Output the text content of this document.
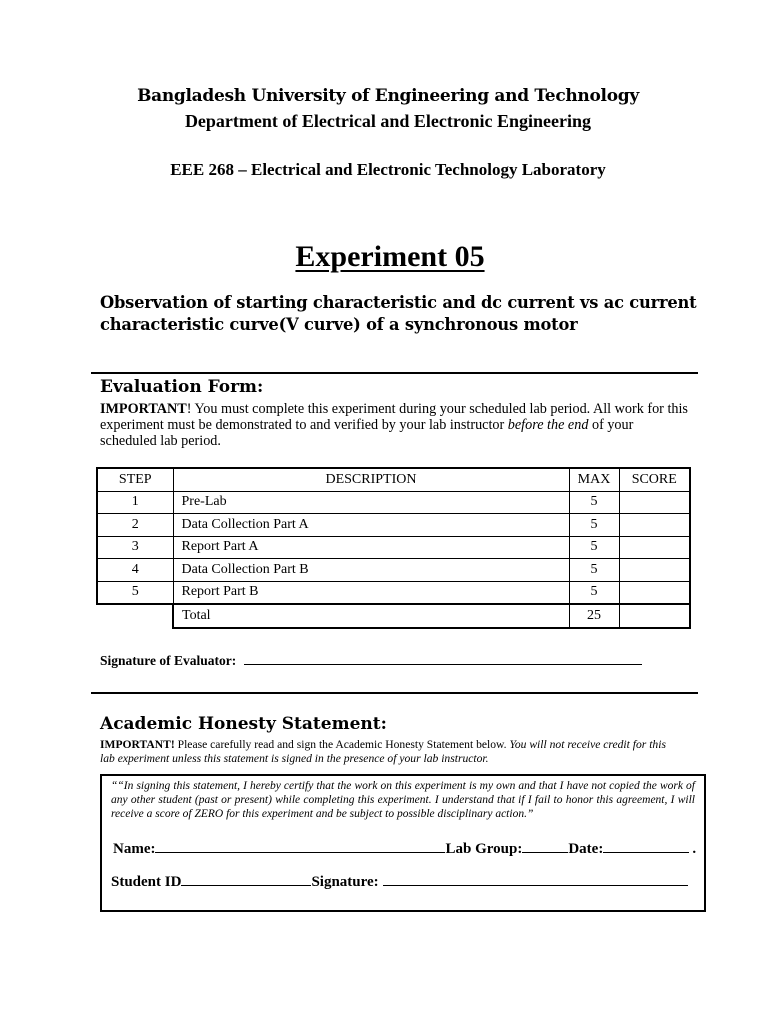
Bangladesh University of Engineering and Technology
Department of Electrical and Electronic Engineering
EEE 268 – Electrical and Electronic Technology Laboratory
Experiment 05
Observation of starting characteristic and dc current vs ac current
characteristic curve(V curve) of a synchronous motor
Evaluation Form:
IMPORTANT! You must complete this experiment during your scheduled lab period. All work for this experiment must be demonstrated to and verified by your lab instructor before the end of your scheduled lab period.
STEP	DESCRIPTION	MAX	SCORE
1	Pre-Lab	5	
2	Data Collection Part A	5	
3	Report Part A	5	
4	Data Collection Part B	5	
5	Report Part B	5	
	Total	25	
Signature of Evaluator:
Academic Honesty Statement:
IMPORTANT! Please carefully read and sign the Academic Honesty Statement below. You will not receive credit for this lab experiment unless this statement is signed in the presence of your lab instructor.
““In signing this statement, I hereby certify that the work on this experiment is my own and that I have not copied the work of any other student (past or present) while completing this experiment. I understand that if I fail to honor this agreement, I will receive a score of ZERO for this experiment and be subject to possible disciplinary action.”
Name:	Lab Group:	Date:	.
Student ID	Signature:
